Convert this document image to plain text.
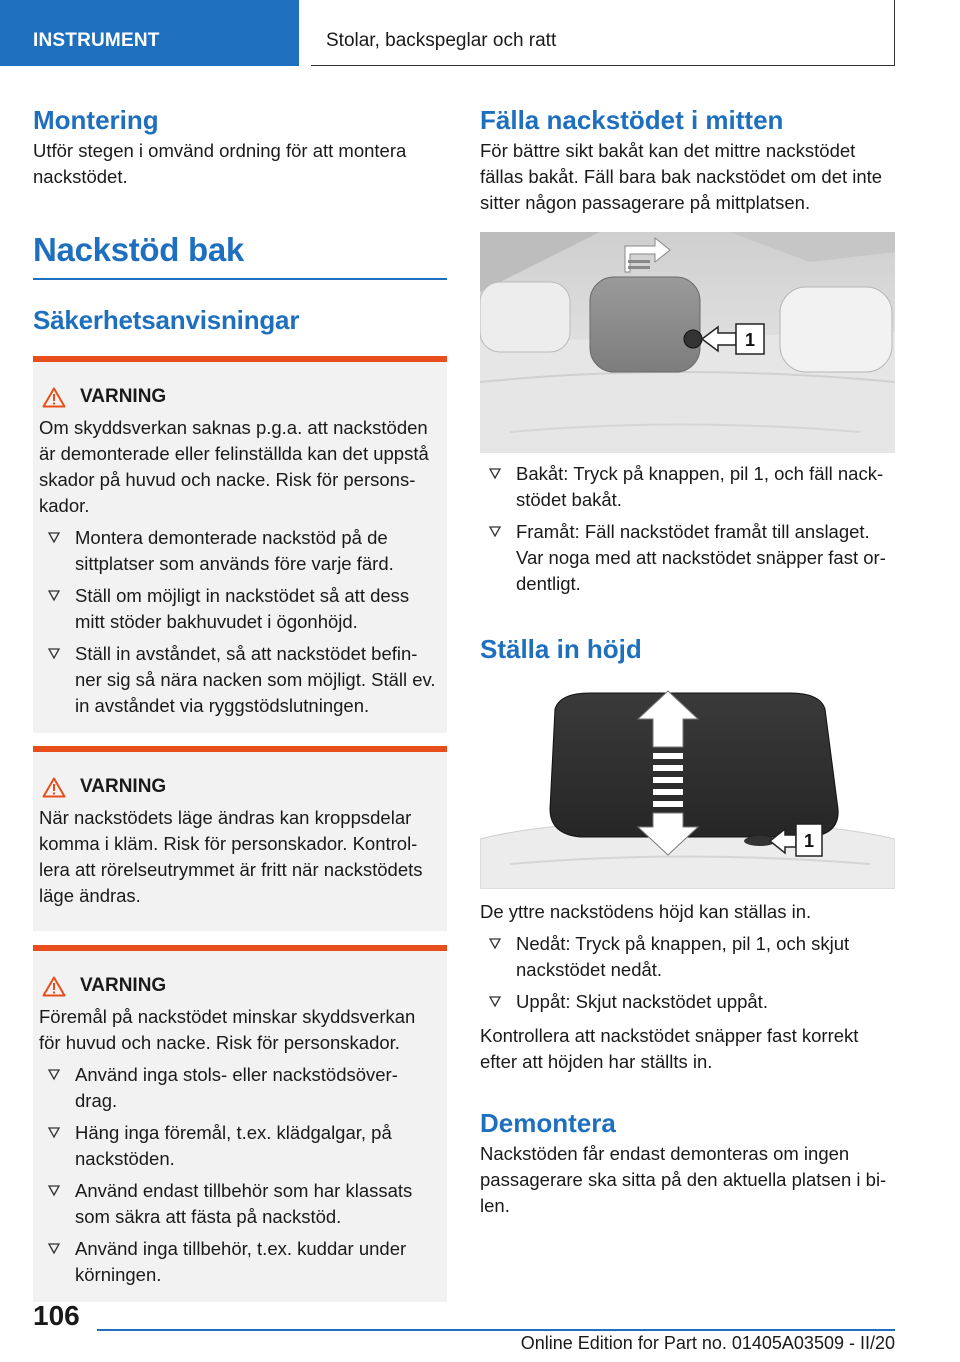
INSTRUMENT	Stolar, backspeglar och ratt
Montering
Utför stegen i omvänd ordning för att montera nackstödet.
Nackstöd bak
Säkerhetsanvisningar
VARNING
Om skyddsverkan saknas p.g.a. att nackstöden är demonterade eller felinställda kan det uppstå skador på huvud och nacke. Risk för persons-kador.
Montera demonterade nackstöd på de sittplatser som används före varje färd.
Ställ om möjligt in nackstödet så att dess mitt stöder bakhuvudet i ögonhöjd.
Ställ in avståndet, så att nackstödet befin-ner sig så nära nacken som möjligt. Ställ ev. in avståndet via ryggstödslutningen.
VARNING
När nackstödets läge ändras kan kroppsdelar komma i kläm. Risk för personskador. Kontrol-lera att rörelseutrymmet är fritt när nackstödets läge ändras.
VARNING
Föremål på nackstödet minskar skyddsverkan för huvud och nacke. Risk för personskador.
Använd inga stols- eller nackstödsöver-drag.
Häng inga föremål, t.ex. klädgalgar, på nackstöden.
Använd endast tillbehör som har klassats som säkra att fästa på nackstöd.
Använd inga tillbehör, t.ex. kuddar under körningen.
Fälla nackstödet i mitten
För bättre sikt bakåt kan det mittre nackstödet fällas bakåt. Fäll bara bak nackstödet om det inte sitter någon passagerare på mittplatsen.
1
Bakåt: Tryck på knappen, pil 1, och fäll nack-stödet bakåt.
Framåt: Fäll nackstödet framåt till anslaget. Var noga med att nackstödet snäpper fast or-dentligt.
Ställa in höjd
1
De yttre nackstödens höjd kan ställas in.
Nedåt: Tryck på knappen, pil 1, och skjut nackstödet nedåt.
Uppåt: Skjut nackstödet uppåt.
Kontrollera att nackstödet snäpper fast korrekt efter att höjden har ställts in.
Demontera
Nackstöden får endast demonteras om ingen passagerare ska sitta på den aktuella platsen i bi-len.
106
Online Edition for Part no. 01405A03509 - II/20
